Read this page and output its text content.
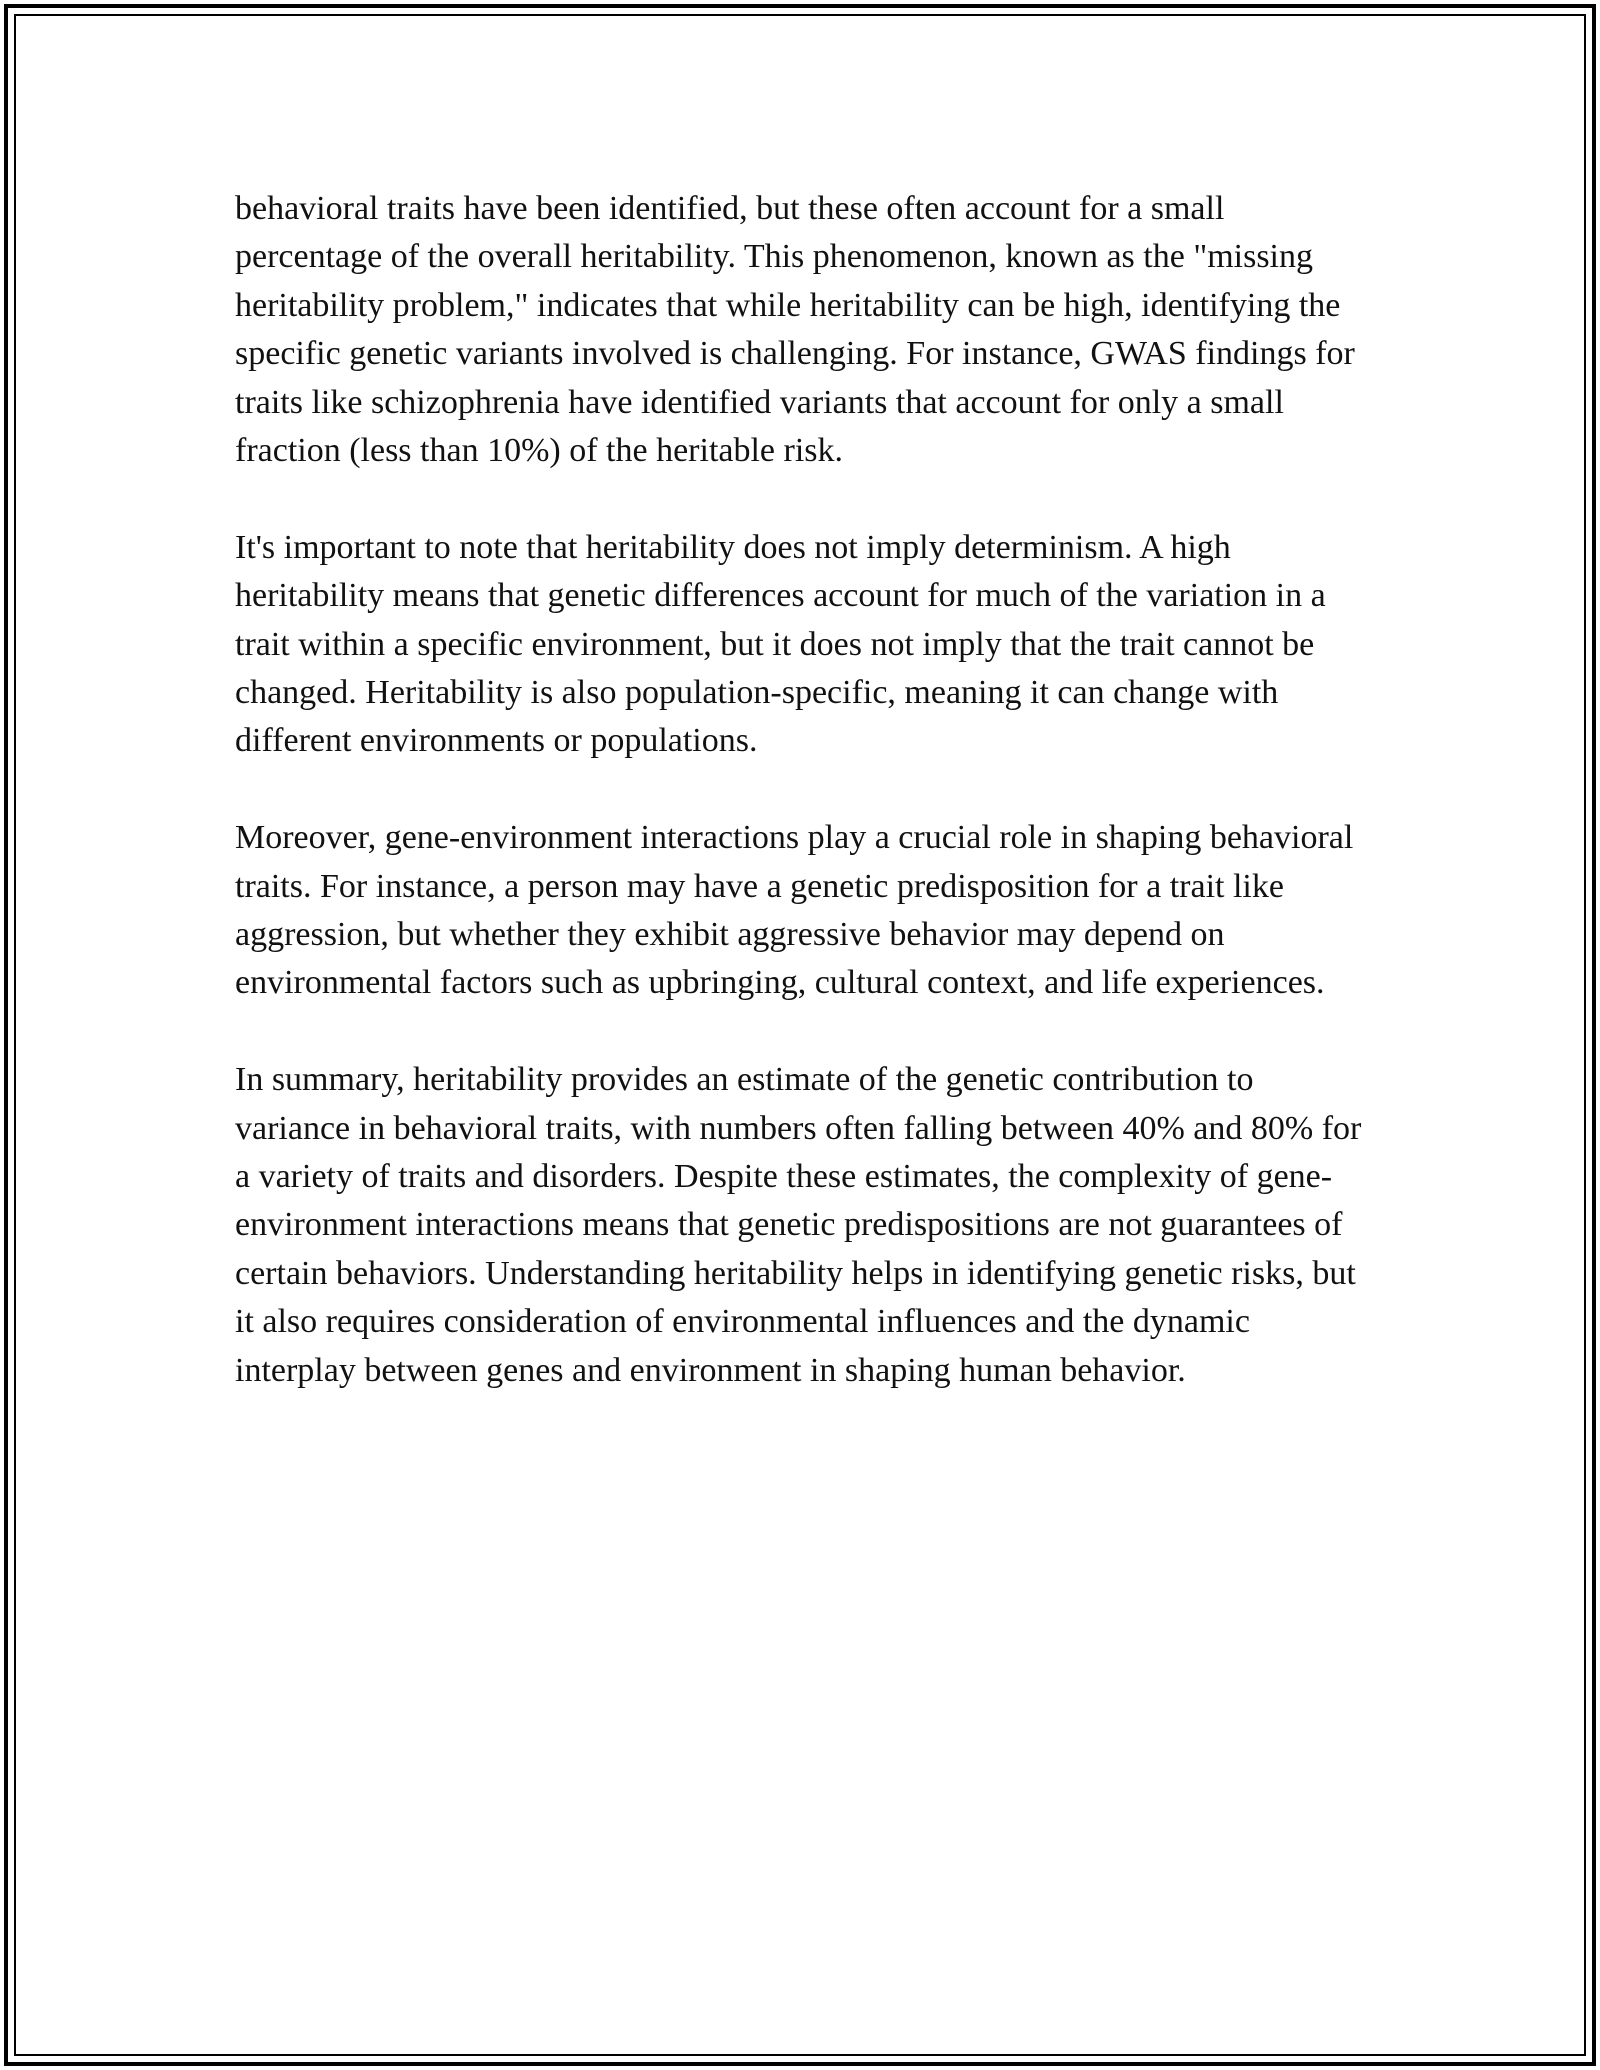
behavioral traits have been identified, but these often account for a small percentage of the overall heritability. This phenomenon, known as the "missing heritability problem," indicates that while heritability can be high, identifying the specific genetic variants involved is challenging. For instance, GWAS findings for traits like schizophrenia have identified variants that account for only a small fraction (less than 10%) of the heritable risk.

It's important to note that heritability does not imply determinism. A high heritability means that genetic differences account for much of the variation in a trait within a specific environment, but it does not imply that the trait cannot be changed. Heritability is also population-specific, meaning it can change with different environments or populations.

Moreover, gene-environment interactions play a crucial role in shaping behavioral traits. For instance, a person may have a genetic predisposition for a trait like aggression, but whether they exhibit aggressive behavior may depend on environmental factors such as upbringing, cultural context, and life experiences.

In summary, heritability provides an estimate of the genetic contribution to variance in behavioral traits, with numbers often falling between 40% and 80% for a variety of traits and disorders. Despite these estimates, the complexity of gene-environment interactions means that genetic predispositions are not guarantees of certain behaviors. Understanding heritability helps in identifying genetic risks, but it also requires consideration of environmental influences and the dynamic interplay between genes and environment in shaping human behavior.
